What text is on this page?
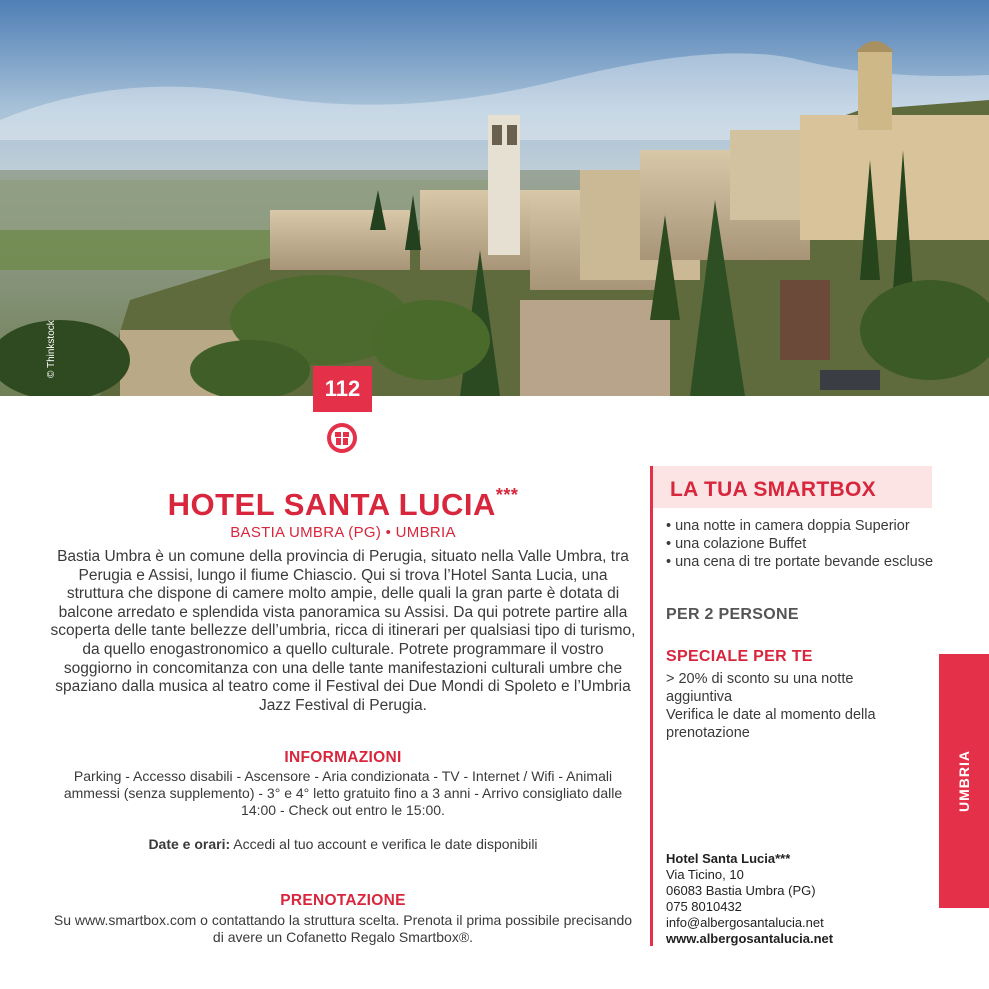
© Thinkstock
112
HOTEL SANTA LUCIA***
BASTIA UMBRA (PG) • UMBRIA
Bastia Umbra è un comune della provincia di Perugia, situato nella Valle Umbra, tra Perugia e Assisi, lungo il fiume Chiascio. Qui si trova l’Hotel Santa Lucia, una struttura che dispone di camere molto ampie, delle quali la gran parte è dotata di balcone arredato e splendida vista panoramica su Assisi. Da qui potrete partire alla scoperta delle tante bellezze dell’umbria, ricca di itinerari per qualsiasi tipo di turismo, da quello enogastronomico a quello culturale. Potrete programmare il vostro soggiorno in concomitanza con una delle tante manifestazioni culturali umbre che spaziano dalla musica al teatro come il Festival dei Due Mondi di Spoleto e l’Umbria Jazz Festival di Perugia.
INFORMAZIONI
Parking - Accesso disabili - Ascensore - Aria condizionata - TV - Internet / Wifi - Animali ammessi (senza supplemento) - 3° e 4° letto gratuito fino a 3 anni - Arrivo consigliato dalle 14:00 - Check out entro le 15:00.
Date e orari: Accedi al tuo account e verifica le date disponibili
PRENOTAZIONE
Su www.smartbox.com o contattando la struttura scelta. Prenota il prima possibile precisando di avere un Cofanetto Regalo Smartbox®.
LA TUA SMARTBOX
• una notte in camera doppia Superior
• una colazione Buffet
• una cena di tre portate bevande escluse
PER 2 PERSONE
SPECIALE PER TE
> 20% di sconto su una notte aggiuntiva
Verifica le date al momento della prenotazione
Hotel Santa Lucia***
Via Ticino, 10
06083 Bastia Umbra (PG)
075 8010432
info@albergosantalucia.net
www.albergosantalucia.net
UMBRIA
